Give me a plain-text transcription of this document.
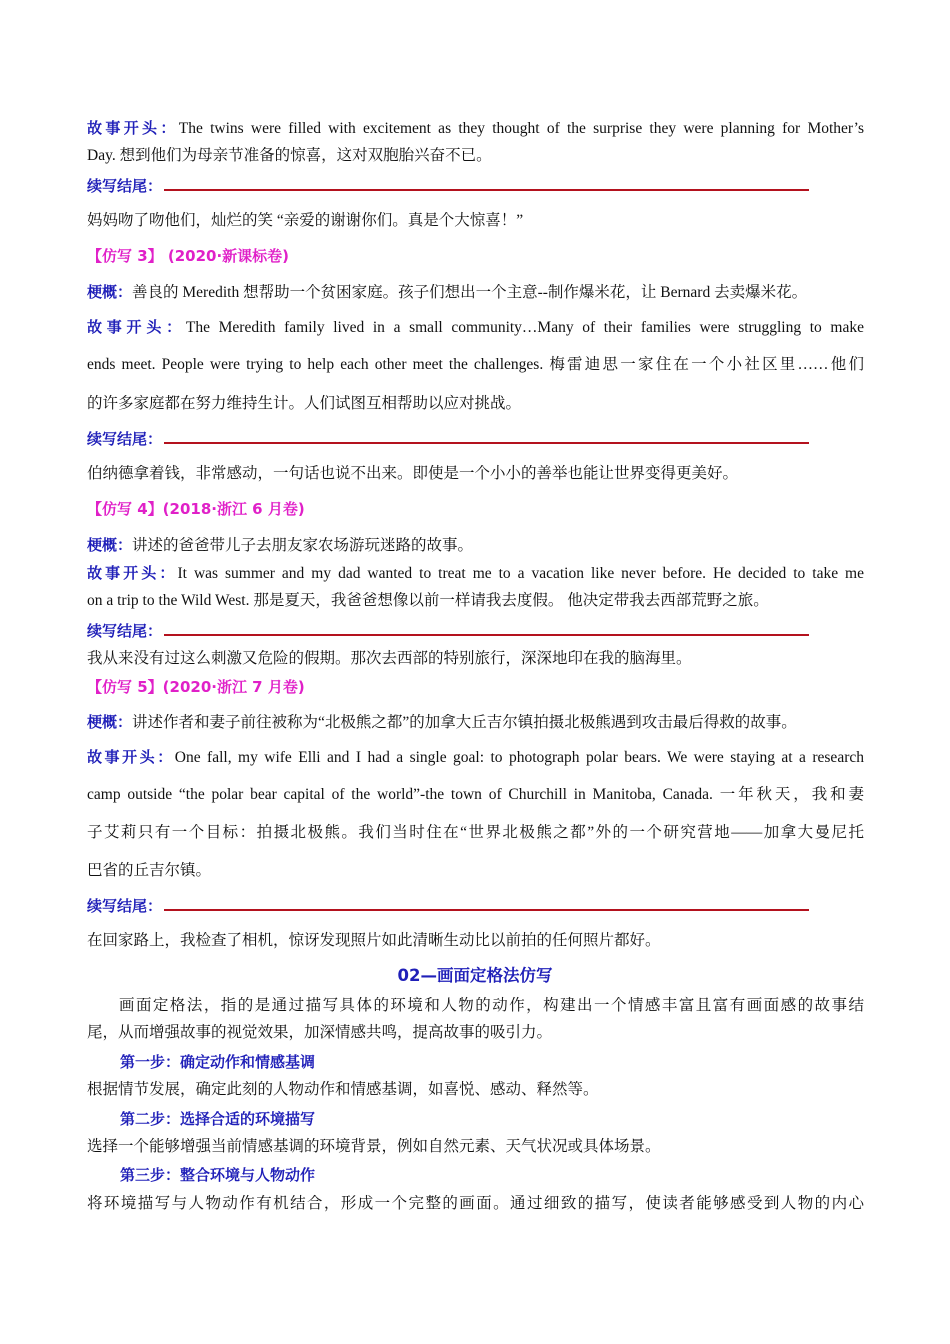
故事开头：The twins were filled with excitement as they thought of the surprise they were planning for Mother’s
Day. 想到他们为母亲节准备的惊喜，这对双胞胎兴奋不已。
续写结尾：
妈妈吻了吻他们，灿烂的笑 “亲爱的谢谢你们。真是个大惊喜！”
【仿写 3】 (2020·新课标卷)
梗概：善良的 Meredith 想帮助一个贫困家庭。孩子们想出一个主意--制作爆米花，让 Bernard 去卖爆米花。
故事开头：The Meredith family lived in a small community…Many of their families were struggling to make
ends meet. People were trying to help each other meet the challenges. 梅雷迪思一家住在一个小社区里……他们
的许多家庭都在努力维持生计。人们试图互相帮助以应对挑战。
续写结尾：
伯纳德拿着钱，非常感动，一句话也说不出来。即使是一个小小的善举也能让世界变得更美好。
【仿写 4】(2018·浙江 6 月卷)
梗概：讲述的爸爸带儿子去朋友家农场游玩迷路的故事。
故事开头：It was summer and my dad wanted to treat me to a vacation like never before. He decided to take me
on a trip to the Wild West. 那是夏天，我爸爸想像以前一样请我去度假。 他决定带我去西部荒野之旅。
续写结尾：
我从来没有过这么刺激又危险的假期。那次去西部的特别旅行，深深地印在我的脑海里。
【仿写 5】(2020·浙江 7 月卷)
梗概：讲述作者和妻子前往被称为“北极熊之都”的加拿大丘吉尔镇拍摄北极熊遇到攻击最后得救的故事。
故事开头：One fall, my wife Elli and I had a single goal: to photograph polar bears. We were staying at a research
camp outside “the polar bear capital of the world”-the town of Churchill in Manitoba, Canada. 一年秋天，我和妻
子艾莉只有一个目标：拍摄北极熊。我们当时住在“世界北极熊之都”外的一个研究营地——加拿大曼尼托
巴省的丘吉尔镇。
续写结尾：
在回家路上，我检查了相机，惊讶发现照片如此清晰生动比以前拍的任何照片都好。
02—画面定格法仿写
画面定格法，指的是通过描写具体的环境和人物的动作，构建出一个情感丰富且富有画面感的故事结
尾，从而增强故事的视觉效果，加深情感共鸣，提高故事的吸引力。
第一步：确定动作和情感基调
根据情节发展，确定此刻的人物动作和情感基调，如喜悦、感动、释然等。
第二步：选择合适的环境描写
选择一个能够增强当前情感基调的环境背景，例如自然元素、天气状况或具体场景。
第三步：整合环境与人物动作
将环境描写与人物动作有机结合，形成一个完整的画面。通过细致的描写，使读者能够感受到人物的内心
